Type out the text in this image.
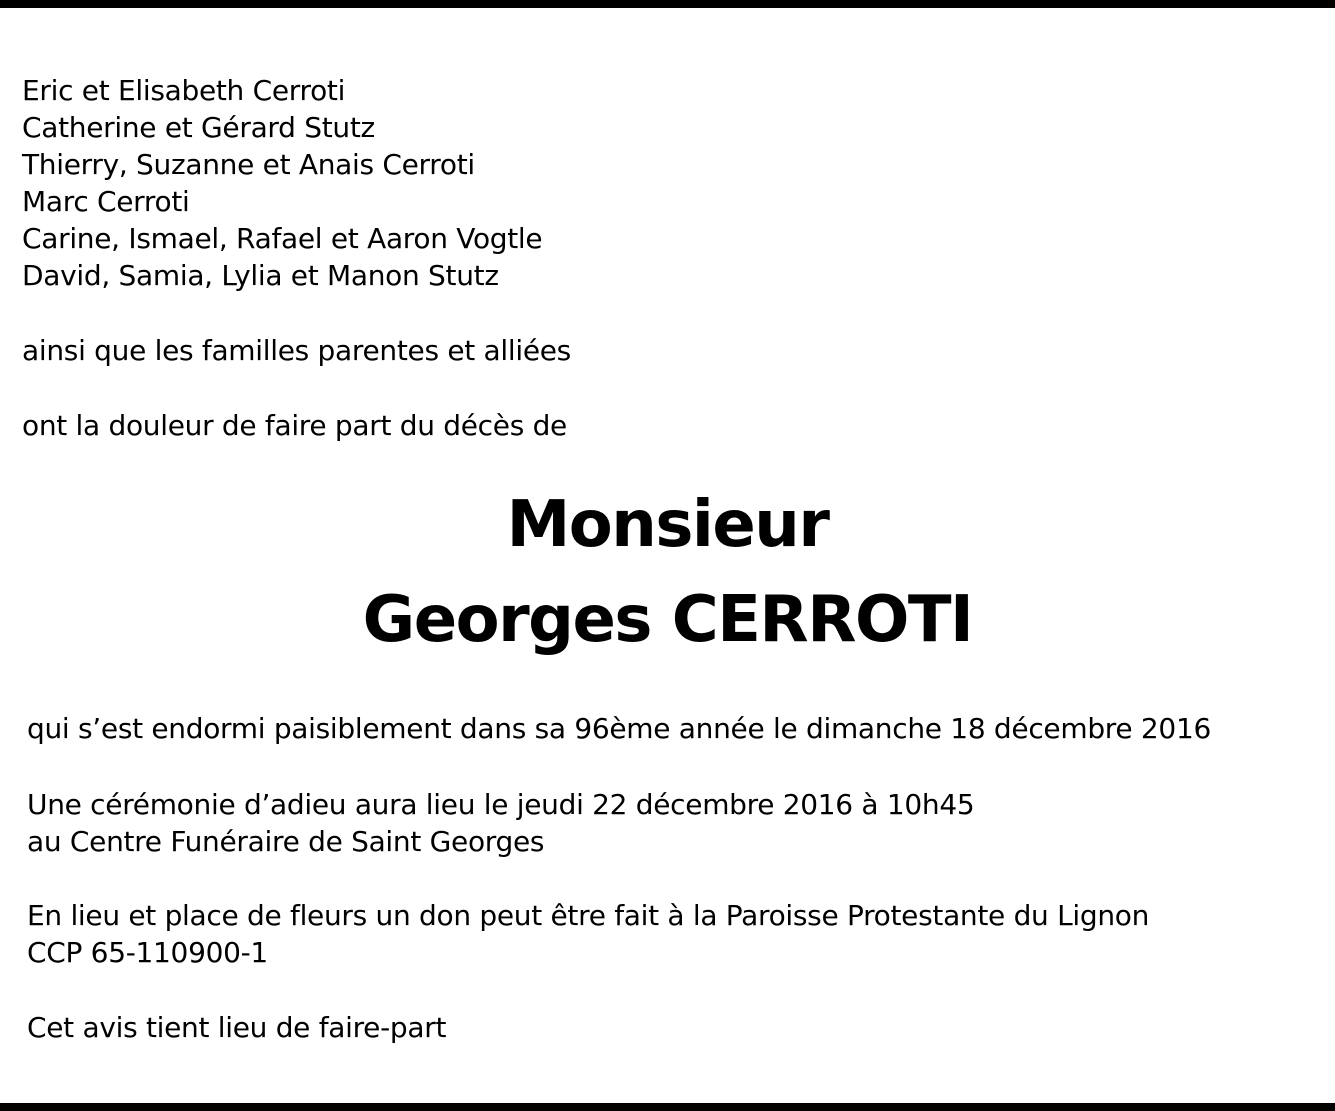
Eric et Elisabeth Cerroti
Catherine et Gérard Stutz
Thierry, Suzanne et Anais Cerroti
Marc Cerroti
Carine, Ismael, Rafael et Aaron Vogtle
David, Samia, Lylia et Manon Stutz
ainsi que les familles parentes et alliées
ont la douleur de faire part du décès de
Monsieur
Georges CERROTI
qui s’est endormi paisiblement dans sa 96ème année le dimanche 18 décembre 2016
Une cérémonie d’adieu aura lieu le jeudi 22 décembre 2016 à 10h45
au Centre Funéraire de Saint Georges
En lieu et place de fleurs un don peut être fait à la Paroisse Protestante du Lignon
CCP 65-110900-1
Cet avis tient lieu de faire-part
